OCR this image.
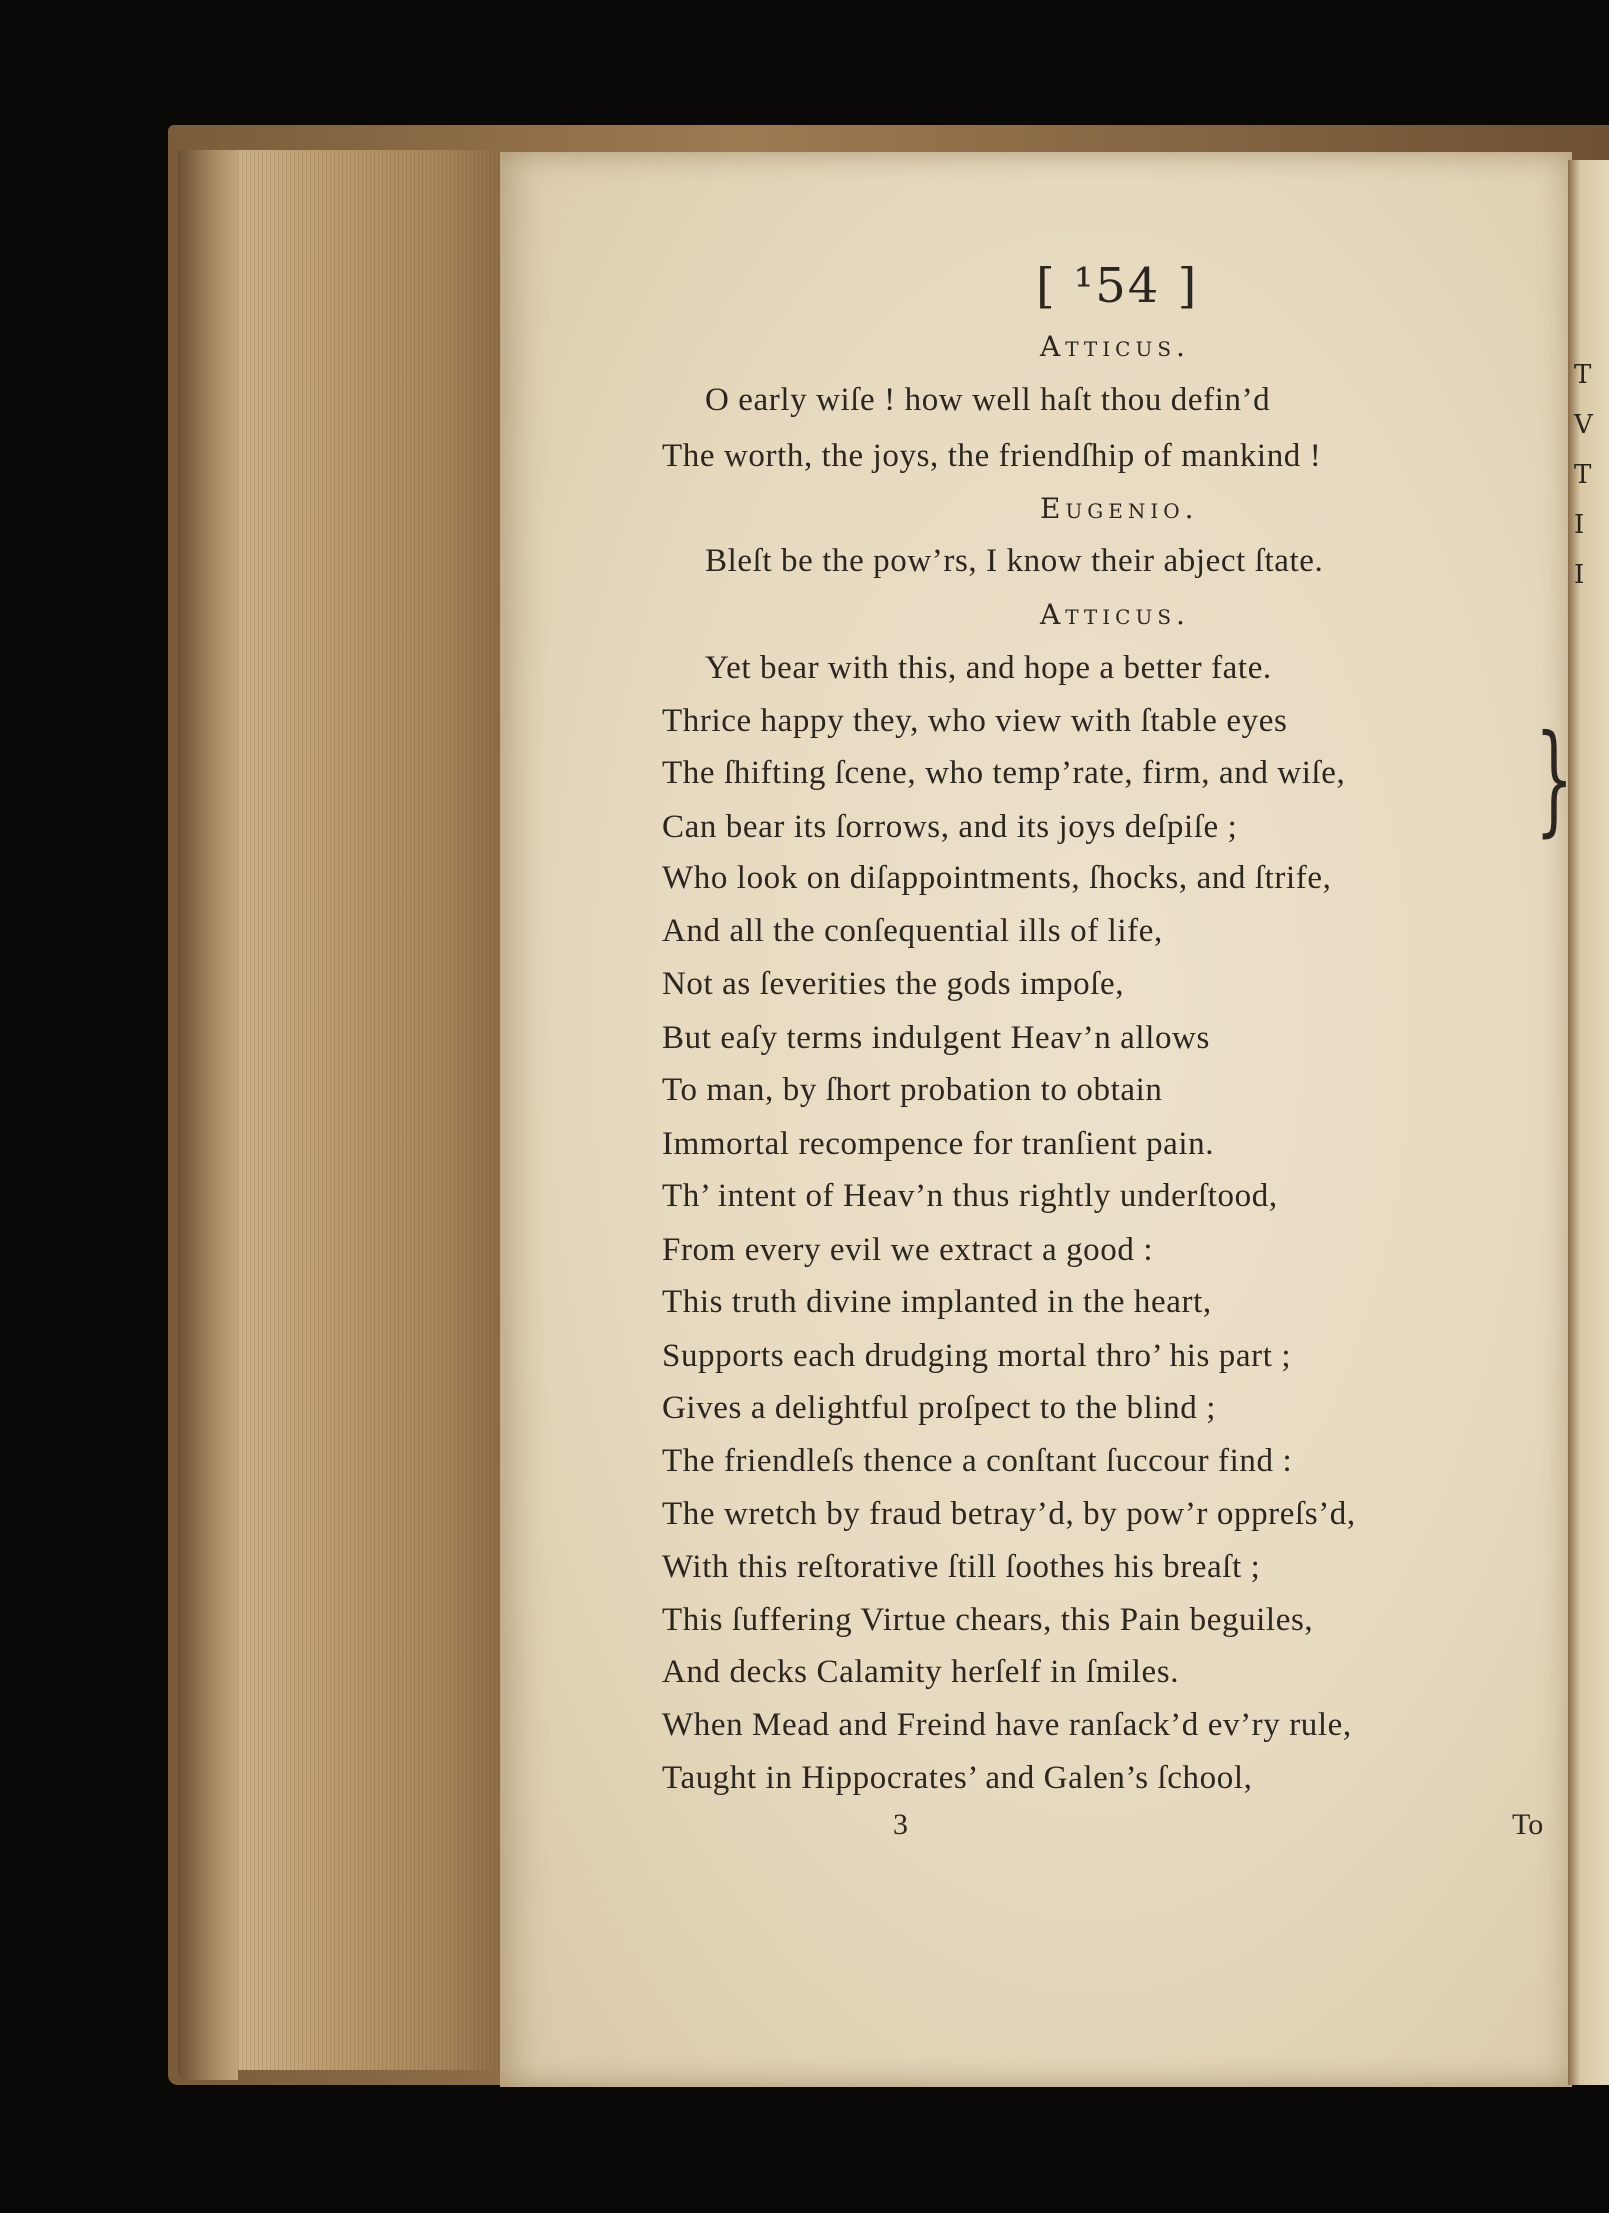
T
V
T
I
I
[ ¹54 ]
Atticus.
O early wiſe ! how well haſt thou defin’d
The worth, the joys, the friendſhip of mankind !
Eugenio.
Bleſt be the pow’rs, I know their abject ſtate.
Atticus.
Yet bear with this, and hope a better fate.
Thrice happy they, who view with ſtable eyes
The ſhifting ſcene, who temp’rate, firm, and wiſe,
Can bear its ſorrows, and its joys deſpiſe ;
Who look on diſappointments, ſhocks, and ſtrife,
And all the conſequential ills of life,
Not as ſeverities the gods impoſe,
But eaſy terms indulgent Heav’n allows
To man, by ſhort probation to obtain
Immortal recompence for tranſient pain.
Th’ intent of Heav’n thus rightly underſtood,
From every evil we extract a good :
This truth divine implanted in the heart,
Supports each drudging mortal thro’ his part ;
Gives a delightful proſpect to the blind ;
The friendleſs thence a conſtant ſuccour find :
The wretch by fraud betray’d, by pow’r oppreſs’d,
With this reſtorative ſtill ſoothes his breaſt ;
This ſuffering Virtue chears, this Pain beguiles,
And decks Calamity herſelf in ſmiles.
When Mead and Freind have ranſack’d ev’ry rule,
Taught in Hippocrates’ and Galen’s ſchool,
}
3	To
